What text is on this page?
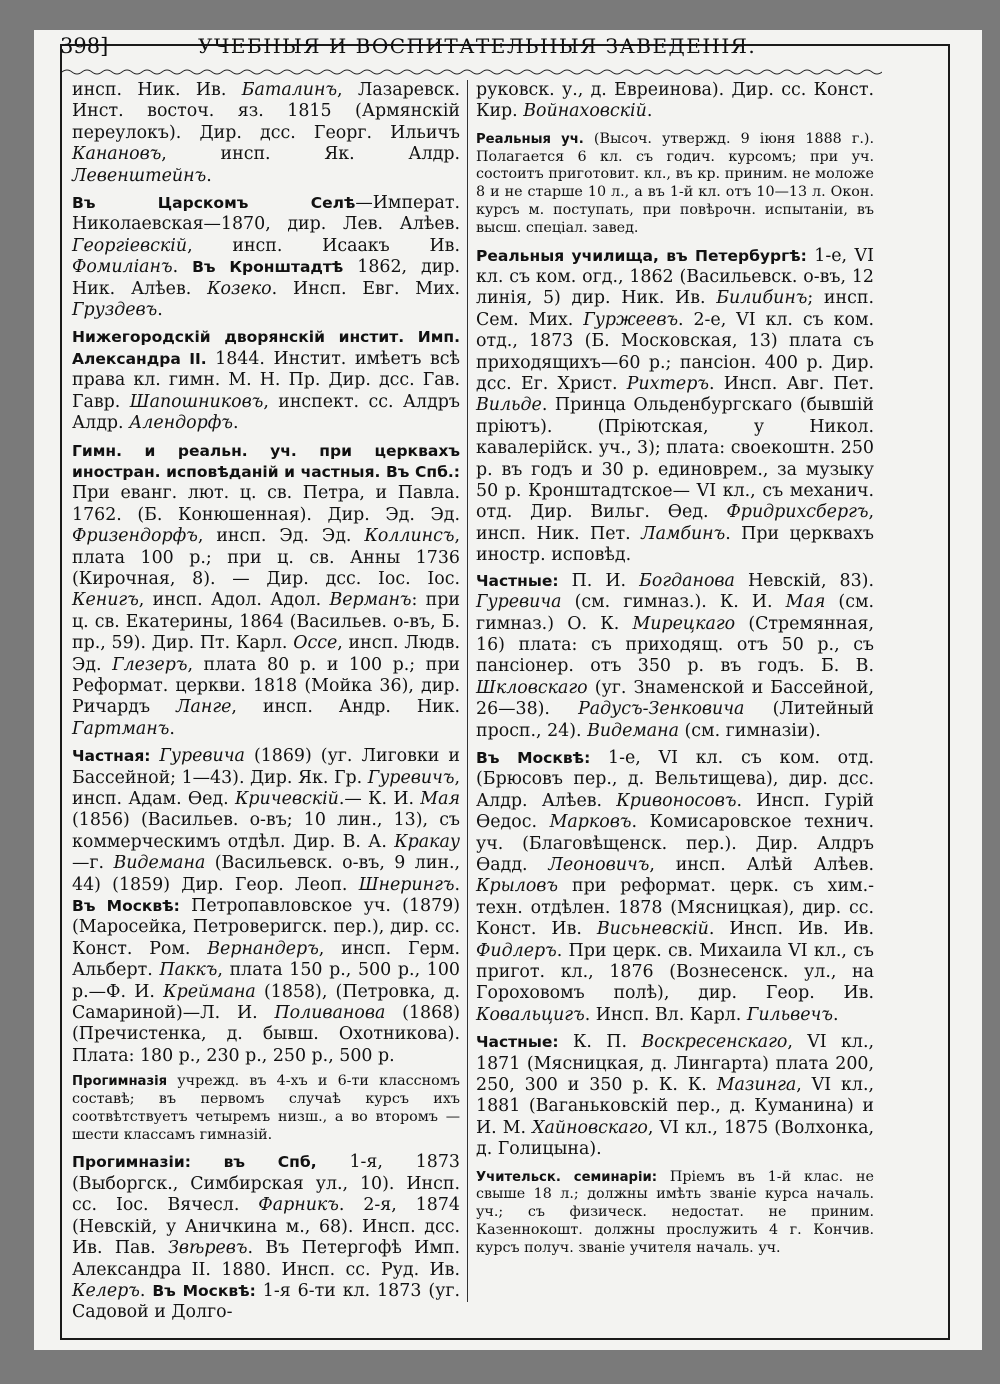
398]	УЧЕБНЫЯ И ВОСПИТАТЕЛЬНЫЯ ЗАВЕДЕНІЯ.

инсп. Ник. Ив. Баталинъ, Лазаревск. Инст. восточ. яз. 1815 (Армянскій переулокъ). Дир. дсс. Георг. Ильичъ Канановъ, инсп. Як. Алдр. Левенштейнъ.

Въ Царскомъ Селѣ—Императ. Николаевская—1870, дир. Лев. Алѣев. Георгіевскій, инсп. Исаакъ Ив. Фомиліанъ. Въ Кронштадтѣ 1862, дир. Ник. Алѣев. Козеко. Инсп. Евг. Мих. Груздевъ.

Нижегородскій дворянскій инстит. Имп. Александра II. 1844. Инстит. имѣетъ всѣ права кл. гимн. М. Н. Пр. Дир. дсс. Гав. Гавр. Шапошниковъ, инспект. сс. Алдръ Алдр. Алендорфъ.

Гимн. и реальн. уч. при церквахъ иностран. исповѣданій и частныя. Въ Спб.: При еванг. лют. ц. св. Петра, и Павла. 1762. (Б. Конюшенная). Дир. Эд. Эд. Фризендорфъ, инсп. Эд. Эд. Коллинсъ, плата 100 р.; при ц. св. Анны 1736 (Кирочная, 8). — Дир. дсс. Іос. Іос. Кенигъ, инсп. Адол. Адол. Верманъ: при ц. св. Екатерины, 1864 (Васильев. о-въ, Б. пр., 59). Дир. Пт. Карл. Оссе, инсп. Людв. Эд. Глезеръ, плата 80 р. и 100 р.; при Реформат. церкви. 1818 (Мойка 36), дир. Ричардъ Ланге, инсп. Андр. Ник. Гартманъ.

Частная: Гуревича (1869) (уг. Лиговки и Бассейной; 1—43). Дир. Як. Гр. Гуревичъ, инсп. Адам. Ѳед. Кричевскій.— К. И. Мая (1856) (Васильев. о-въ; 10 лин., 13), съ коммерческимъ отдѣл. Дир. В. А. Кракау—г. Видемана (Васильевск. о-въ, 9 лин., 44) (1859) Дир. Геор. Леоп. Шнерингъ. Въ Москвѣ: Петропавловское уч. (1879) (Маросейка, Петроверигск. пер.), дир. сс. Конст. Ром. Вернандеръ, инсп. Герм. Альберт. Паккъ, плата 150 р., 500 р., 100 р.—Ф. И. Креймана (1858), (Петровка, д. Самариной)—Л. И. Поливанова (1868) (Пречистенка, д. бывш. Охотникова). Плата: 180 р., 230 р., 250 р., 500 р.

Прогимназія учрежд. въ 4-хъ и 6-ти классномъ составѣ; въ первомъ случаѣ курсъ ихъ соотвѣтствуетъ четыремъ низш., а во второмъ — шести классамъ гимназій.

Прогимназіи: въ Спб, 1-я, 1873 (Выборгск., Симбирская ул., 10). Инсп. сс. Іос. Вячесл. Фарникъ. 2-я, 1874 (Невскій, у Аничкина м., 68). Инсп. дсс. Ив. Пав. Звѣревъ. Въ Петергофѣ Имп. Александра II. 1880. Инсп. сс. Руд. Ив. Келеръ. Въ Москвѣ: 1-я 6-ти кл. 1873 (уг. Садовой и Долго-

руковск. у., д. Евреинова). Дир. сс. Конст. Кир. Войнаховскій.

Реальныя уч. (Высоч. утвержд. 9 іюня 1888 г.). Полагается 6 кл. съ годич. курсомъ; при уч. состоитъ приготовит. кл., въ кр. приним. не моложе 8 и не старше 10 л., а въ 1-й кл. отъ 10—13 л. Окон. курсъ м. поступать, при повѣрочн. испытаніи, въ высш. спеціал. завед.

Реальныя училища, въ Петербургѣ: 1-е, VI кл. съ ком. огд., 1862 (Васильевск. о-въ, 12 линія, 5) дир. Ник. Ив. Билибинъ; инсп. Сем. Мих. Гуржеевъ. 2-е, VI кл. съ ком. отд., 1873 (Б. Московская, 13) плата съ приходящихъ—60 р.; пансіон. 400 р. Дир. дсс. Ег. Христ. Рихтеръ. Инсп. Авг. Пет. Вильде. Принца Ольденбургскаго (бывшій пріютъ). (Пріютская, у Никол. кавалерійск. уч., 3); плата: своекоштн. 250 р. въ годъ и 30 р. единоврем., за музыку 50 р. Кронштадтское— VI кл., съ механич. отд. Дир. Вильг. Ѳед. Фридрихсбергъ, инсп. Ник. Пет. Ламбинъ. При церквахъ иностр. исповѣд.

Частные: П. И. Богданова Невскій, 83). Гуревича (см. гимназ.). К. И. Мая (см. гимназ.) О. К. Мирецкаго (Стремянная, 16) плата: съ приходящ. отъ 50 р., съ пансіонер. отъ 350 р. въ годъ. Б. В. Шкловскаго (уг. Знаменской и Бассейной, 26—38). Радусъ-Зенковича (Литейный просп., 24). Видемана (см. гимназіи).

Въ Москвѣ: 1-е, VI кл. съ ком. отд. (Брюсовъ пер., д. Вельтищева), дир. дсс. Алдр. Алѣев. Кривоносовъ. Инсп. Гурій Ѳедос. Марковъ. Комисаровское технич. уч. (Благовѣщенск. пер.). Дир. Алдръ Ѳадд. Леоновичъ, инсп. Алѣй Алѣев. Крыловъ при реформат. церк. съ хим.-техн. отдѣлен. 1878 (Мясницкая), дир. сс. Конст. Ив. Висьневскій. Инсп. Ив. Ив. Фидлеръ. При церк. св. Михаила VI кл., съ пригот. кл., 1876 (Вознесенск. ул., на Гороховомъ полѣ), дир. Геор. Ив. Ковальцигъ. Инсп. Вл. Карл. Гильвечъ.

Частные: К. П. Воскресенскаго, VI кл., 1871 (Мясницкая, д. Лингарта) плата 200, 250, 300 и 350 р. К. К. Мазинга, VI кл., 1881 (Ваганьковскій пер., д. Куманина) и И. М. Хайновскаго, VI кл., 1875 (Волхонка, д. Голицына).

Учительск. семинаріи: Пріемъ въ 1-й клас. не свыше 18 л.; должны имѣть званіе курса началь. уч.; съ физическ. недостат. не приним. Казеннокошт. должны прослужить 4 г. Кончив. курсъ получ. званіе учителя началь. уч.
